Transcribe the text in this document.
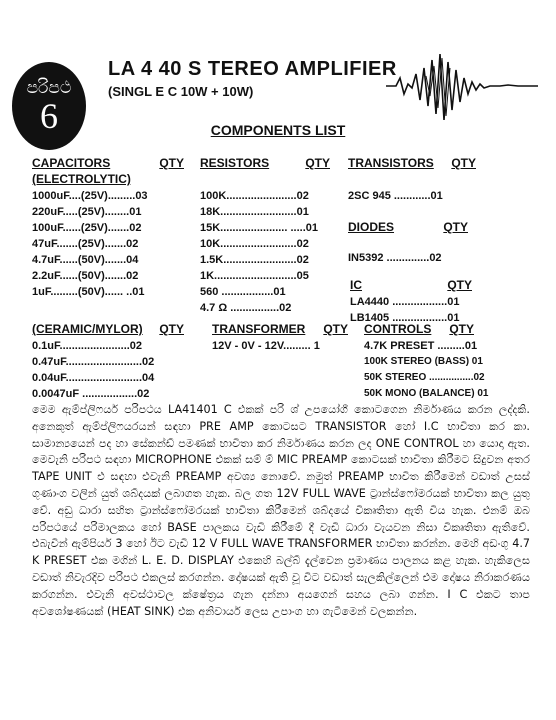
පරිපථ
6
LA 4 40 S TEREO AMPLIFIER
(SINGL E C 10W + 10W)
COMPONENTS LIST
CAPACITORS	QTY
(ELECTROLYTIC)
1000uF....(25V).........03
220uF.....(25V)........01
100uF......(25V).......02
47uF.......(25V).......02
4.7uF......(50V).......04
2.2uF......(50V).......02
1uF.........(50V)...... ..01
RESISTORS	QTY
100K.......................02
18K.........................01
15K...................... .....01
10K.........................02
1.5K........................02
1K...........................05
560 .................01
4.7 Ω ................02
TRANSISTORS QTY
2SC 945 ............01
DIODES	QTY
IN5392 ..............02
IC	QTY
LA4440 ..................01
LB1405 ..................01
(CERAMIC/MYLOR) QTY
0.1uF.......................02
0.47uF.........................02
0.04uF.........................04
0.0047uF ..................02
TRANSFORMER QTY
12V - 0V - 12V......... 1
CONTROLS QTY
4.7K PRESET .........01
100K STEREO (BASS) 01
50K STEREO ................02
50K MONO (BALANCE) 01
මෙම ඇම්ප්ලිෆයර් පරිපථය LA41401 C එකක් පරි ශ් උපයෝගී කොටගෙන නිර්මාණය කරන ලද්දකි. අනෙකුත් ඇම්ප්ලිෆයරයන් සඳහා PRE AMP කොටසට TRANSISTOR හෝ I.C භාවිතා කර කා. සාමාන්‍යයෙන් පද හා සේකන්ඩ් පමණක් භාවිතා කර නිර්මාණය කරන ලද ONE CONTROL හා යොදා ඇත. මෙවැනි පරිපථ සඳහා MICROPHONE එකක් සම් ම් MIC PREAMP කොටසක් භාවිතා කිරීමට සිදුවන අතර TAPE UNIT එ සඳහා එවැනි PREAMP අවශ්‍ය නොවේ. නමුත් PREAMP භාවිත කිරීමෙන් වඩාත් උසස් ගුණාංග වලින් යුත් ශබ්දයක් ලබාගත හැක. බල ගත 12V FULL WAVE ට්‍රාන්ස්ෆෝමරයක් භාවිතා කල යුතු වේ. අඩු ධාරා සහිත ට්‍රාන්ස්ෆෝමරයක් භාවිතා කිරීමෙන් ශබ්දයේ විකෘතිතා ඇති විය හැක. එනම් ඔබ පරිපථයේ පරිමාලකය හෝ BASE පාලකය වැඩි කිරීමේ දී වැඩි ධාරා වැයවන නිසා විකෘතිතා ඇතිවේ. එබැවින් ඇම්පියර් 3 හෝ ඊට වැඩි 12 V FULL WAVE TRANSFORMER භාවිතා කරන්න. මෙහි අඩංගු 4.7 K PRESET එක මගින් L. E. D. DISPLAY එකෙහි බල්බ් දැල්වෙන ප්‍රමාණය පාලනය කළ හැක. හැකිලෙස වඩාත් නිවැරදිව පරිපථ එකලස් කරගන්න. දෝෂයක් ඇති වූ විට වඩාත් සැලකිල්ලෙන් එම දෝෂය නිරාකරණය කරගන්න. එවැනි අවස්ථාවල ක්ෂේත්‍රය ගැන දන්නා අයගෙන් සහය ලබා ගන්න. I C එකට තාප අවශෝෂණයක් (HEAT SINK) එක අනිවාර්ය ලෙස උපාංග හා ගැටීමෙන් වලකන්න.
